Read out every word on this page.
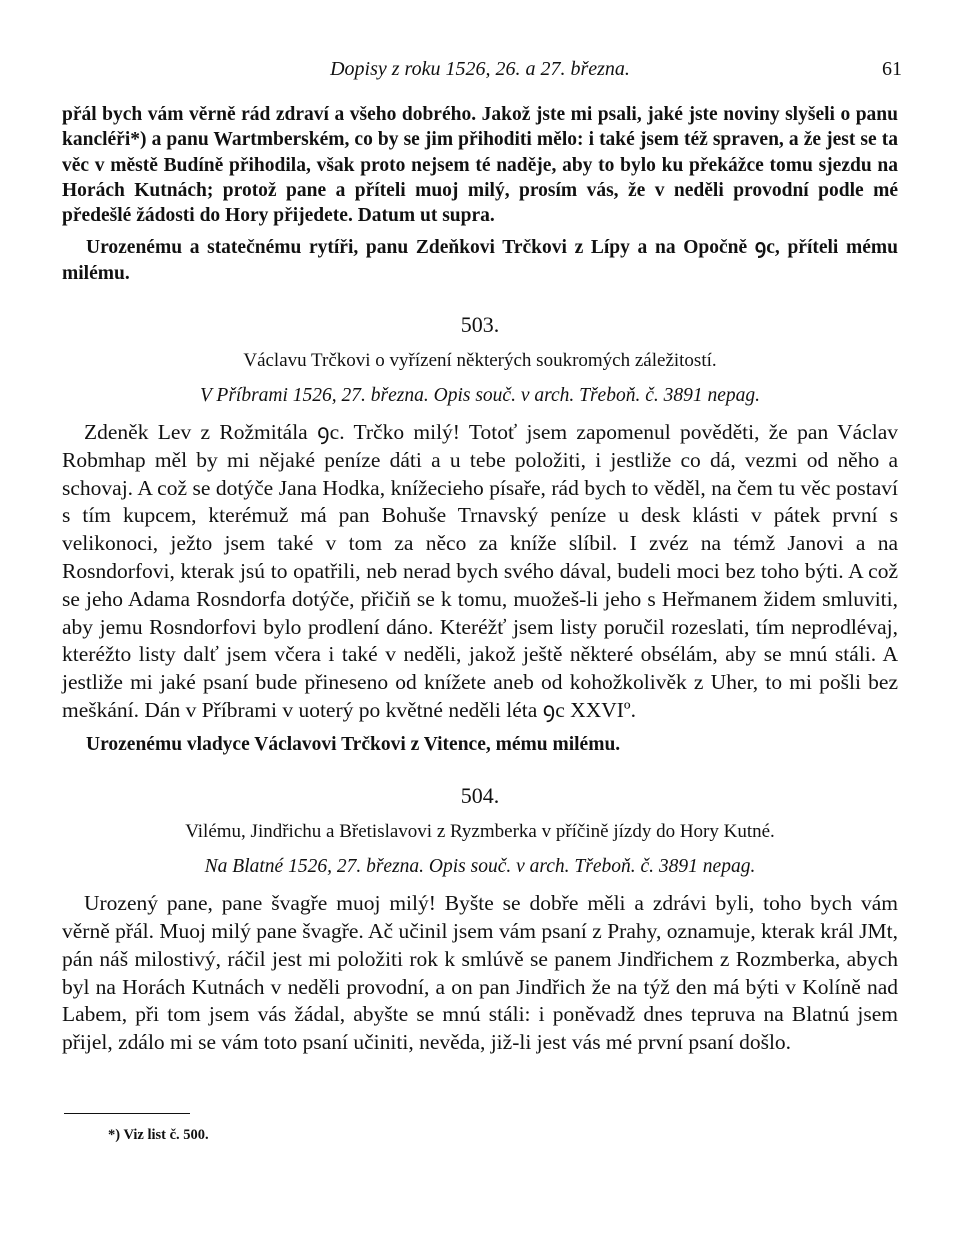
Dopisy z roku 1526, 26. a 27. března.	61

přál bych vám věrně rád zdraví a všeho dobrého. Jakož jste mi psali, jaké jste noviny slyšeli o panu kancléři*) a panu Wartmberském, co by se jim přihoditi mělo: i také jsem též spraven, a že jest se ta věc v městě Budíně přihodila, však proto nejsem té naděje, aby to bylo ku překážce tomu sjezdu na Horách Kutnách; protož pane a příteli muoj milý, prosím vás, že v neděli provodní podle mé předešlé žádosti do Hory přijedete. Datum ut supra.

Urozenému a statečnému rytíři, panu Zdeňkovi Trčkovi z Lípy a na Opočně ꝯc, příteli mému milému.

503.
Václavu Trčkovi o vyřízení některých soukromých záležitostí.
V Příbrami 1526, 27. března. Opis souč. v arch. Třeboň. č. 3891 nepag.

Zdeněk Lev z Rožmitála ꝯc. Trčko milý! Totoť jsem zapomenul pověděti, že pan Václav Robmhap měl by mi nějaké peníze dáti a u tebe položiti, i jestliže co dá, vezmi od něho a schovaj. A což se dotýče Jana Hodka, knížecieho písaře, rád bych to věděl, na čem tu věc postaví s tím kupcem, kterémuž má pan Bohuše Trnavský peníze u desk klásti v pátek první s velikonoci, ježto jsem také v tom za něco za kníže slíbil. I zvéz na témž Janovi a na Rosndorfovi, kterak jsú to opatřili, neb nerad bych svého dával, budeli moci bez toho býti. A což se jeho Adama Rosndorfa dotýče, přičiň se k tomu, muožeš-li jeho s Heřmanem židem smluviti, aby jemu Rosndorfovi bylo prodlení dáno. Kteréžť jsem listy poručil rozeslati, tím neprodlévaj, kteréžto listy dalť jsem včera i také v neděli, jakož ještě některé obsélám, aby se mnú stáli. A jestliže mi jaké psaní bude přineseno od knížete aneb od kohožkolivěk z Uher, to mi pošli bez meškání. Dán v Příbrami v uoterý po květné neděli léta ꝯc XXVIº.

Urozenému vladyce Václavovi Trčkovi z Vitence, mému milému.

504.
Vilému, Jindřichu a Břetislavovi z Ryzmberka v příčině jízdy do Hory Kutné.
Na Blatné 1526, 27. března. Opis souč. v arch. Třeboň. č. 3891 nepag.

Urozený pane, pane švagře muoj milý! Byšte se dobře měli a zdrávi byli, toho bych vám věrně přál. Muoj milý pane švagře. Ač učinil jsem vám psaní z Prahy, oznamuje, kterak král JMt, pán náš milostivý, ráčil jest mi položiti rok k smlúvě se panem Jindřichem z Rozmberka, abych byl na Horách Kutnách v neděli provodní, a on pan Jindřich že na týž den má býti v Kolíně nad Labem, při tom jsem vás žádal, abyšte se mnú stáli: i poněvadž dnes tepruva na Blatnú jsem přijel, zdálo mi se vám toto psaní učiniti, nevěda, již-li jest vás mé první psaní došlo.

*) Viz list č. 500.
